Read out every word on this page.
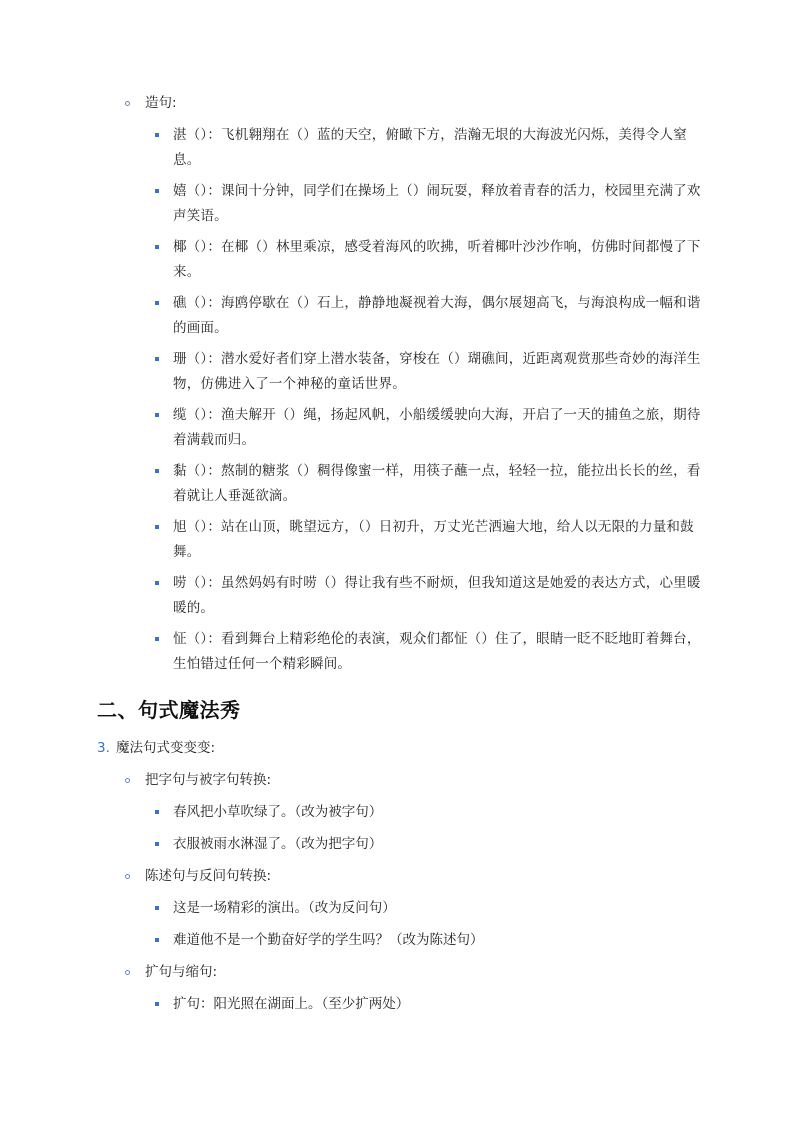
造句:
湛（）：飞机翱翔在（）蓝的天空，俯瞰下方，浩瀚无垠的大海波光闪烁，美得令人窒息。
嬉（）：课间十分钟，同学们在操场上（）闹玩耍，释放着青春的活力，校园里充满了欢声笑语。
椰（）：在椰（）林里乘凉，感受着海风的吹拂，听着椰叶沙沙作响，仿佛时间都慢了下来。
礁（）：海鸥停歇在（）石上，静静地凝视着大海，偶尔展翅高飞，与海浪构成一幅和谐的画面。
珊（）：潜水爱好者们穿上潜水装备，穿梭在（）瑚礁间，近距离观赏那些奇妙的海洋生物，仿佛进入了一个神秘的童话世界。
缆（）：渔夫解开（）绳，扬起风帆，小船缓缓驶向大海，开启了一天的捕鱼之旅，期待着满载而归。
黏（）：熬制的糖浆（）稠得像蜜一样，用筷子蘸一点，轻轻一拉，能拉出长长的丝，看着就让人垂涎欲滴。
旭（）：站在山顶，眺望远方，（）日初升，万丈光芒洒遍大地，给人以无限的力量和鼓舞。
唠（）：虽然妈妈有时唠（）得让我有些不耐烦，但我知道这是她爱的表达方式，心里暖暖的。
怔（）：看到舞台上精彩绝伦的表演，观众们都怔（）住了，眼睛一眨不眨地盯着舞台，生怕错过任何一个精彩瞬间。
二、句式魔法秀
3. 魔法句式变变变:
把字句与被字句转换:
春风把小草吹绿了。（改为被字句）
衣服被雨水淋湿了。（改为把字句）
陈述句与反问句转换:
这是一场精彩的演出。（改为反问句）
难道他不是一个勤奋好学的学生吗？（改为陈述句）
扩句与缩句:
扩句：阳光照在湖面上。（至少扩两处）
